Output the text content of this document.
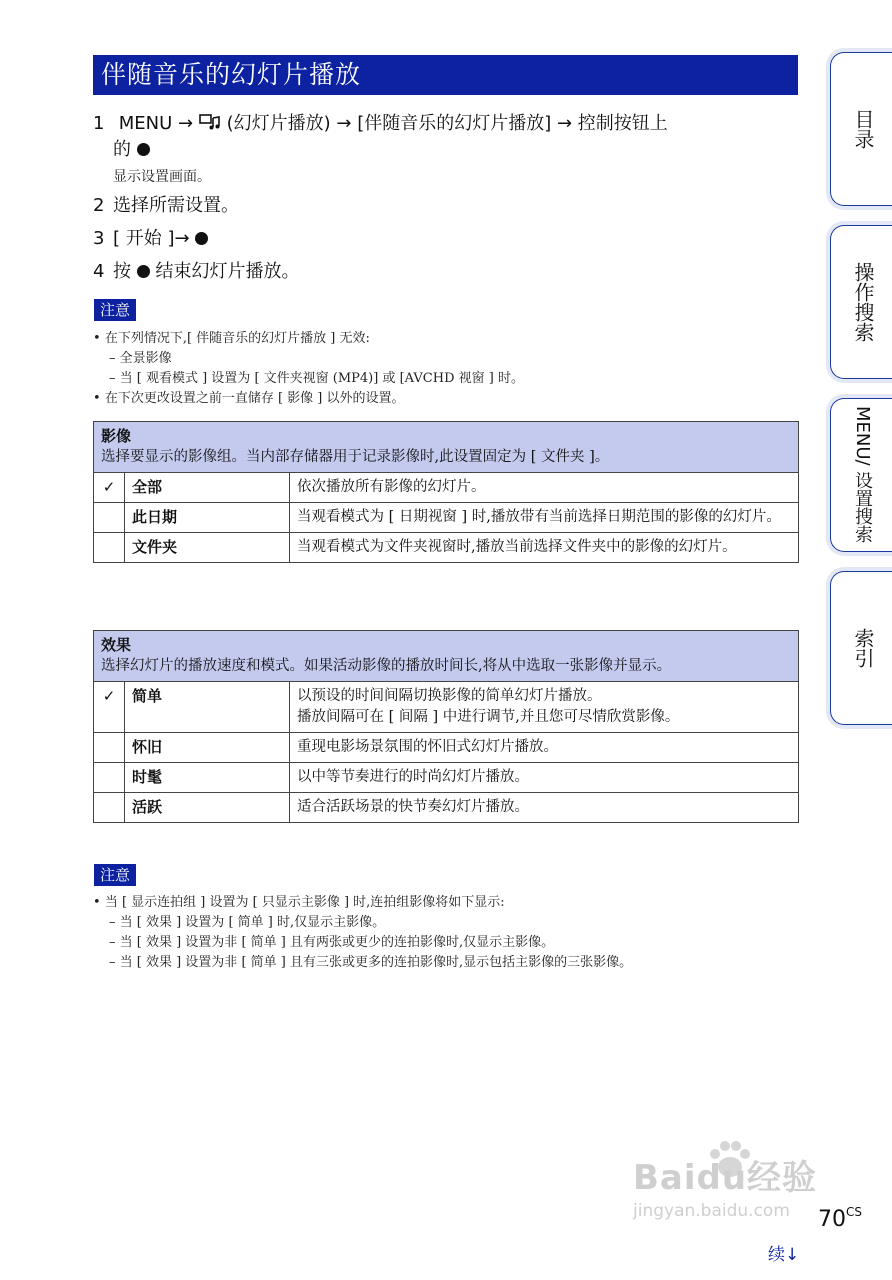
伴随音乐的幻灯片播放
1 MENU → (幻灯片播放) → [伴随音乐的幻灯片播放] → 控制按钮上
的
显示设置画面。
2 选择所需设置。
3 [ 开始 ]→
4 按 结束幻灯片播放。
注意
• 在下列情况下,[ 伴随音乐的幻灯片播放 ] 无效:
– 全景影像
– 当 [ 观看模式 ] 设置为 [ 文件夹视窗 (MP4)] 或 [AVCHD 视窗 ] 时。
• 在下次更改设置之前一直储存 [ 影像 ] 以外的设置。
影像
选择要显示的影像组。当内部存储器用于记录影像时,此设置固定为 [ 文件夹 ]。		

✓	全部	依次播放所有影像的幻灯片。
	此日期	当观看模式为 [ 日期视窗 ] 时,播放带有当前选择日期范围的影像的幻灯片。
	文件夹	当观看模式为文件夹视窗时,播放当前选择文件夹中的影像的幻灯片。
效果
选择幻灯片的播放速度和模式。如果活动影像的播放时间长,将从中选取一张影像并显示。		

✓	简单	以预设的时间间隔切换影像的简单幻灯片播放。
播放间隔可在 [ 间隔 ] 中进行调节,并且您可尽情欣赏影像。

	怀旧	重现电影场景氛围的怀旧式幻灯片播放。
	时髦	以中等节奏进行的时尚幻灯片播放。
	活跃	适合活跃场景的快节奏幻灯片播放。
注意
• 当 [ 显示连拍组 ] 设置为 [ 只显示主影像 ] 时,连拍组影像将如下显示:
– 当 [ 效果 ] 设置为 [ 简单 ] 时,仅显示主影像。
– 当 [ 效果 ] 设置为非 [ 简单 ] 且有两张或更少的连拍影像时,仅显示主影像。
– 当 [ 效果 ] 设置为非 [ 简单 ] 且有三张或更多的连拍影像时,显示包括主影像的三张影像。
目录
操作搜索
MENU/ 设置搜索
索引
Baidu经验
jingyan.baidu.com	$70^{CS}$
续↓
